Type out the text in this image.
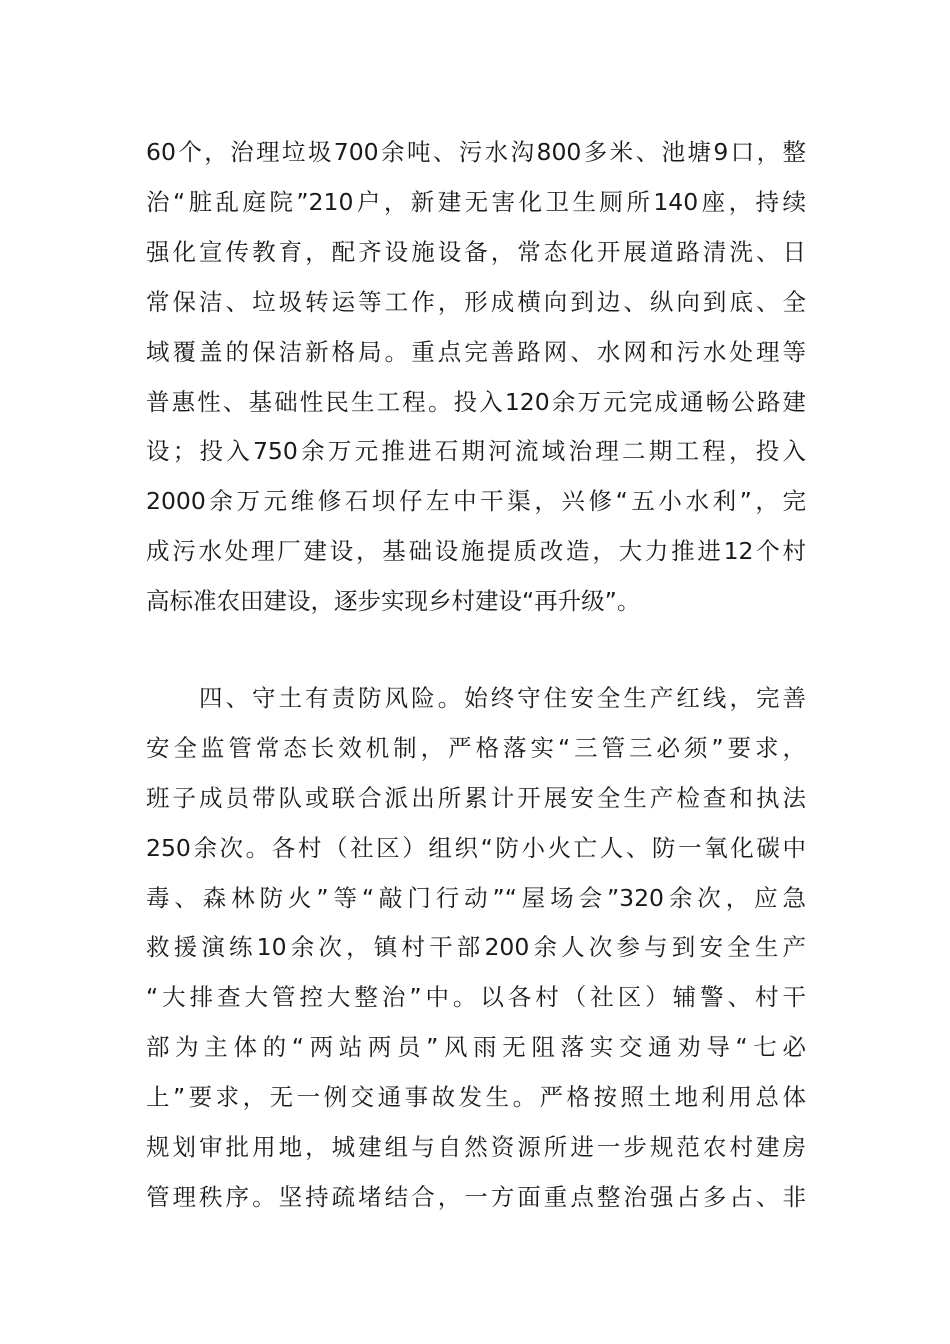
60个，治理垃圾700余吨、污水沟800多米、池塘9口，整
治“脏乱庭院”210户，新建无害化卫生厕所140座，持续
强化宣传教育，配齐设施设备，常态化开展道路清洗、日
常保洁、垃圾转运等工作，形成横向到边、纵向到底、全
域覆盖的保洁新格局。重点完善路网、水网和污水处理等
普惠性、基础性民生工程。投入120余万元完成通畅公路建
设；投入750余万元推进石期河流域治理二期工程，投入
2000余万元维修石坝仔左中干渠，兴修“五小水利”，完
成污水处理厂建设，基础设施提质改造，大力推进12个村
高标准农田建设，逐步实现乡村建设“再升级”。
四、守土有责防风险。始终守住安全生产红线，完善
安全监管常态长效机制，严格落实“三管三必须”要求，
班子成员带队或联合派出所累计开展安全生产检查和执法
250余次。各村（社区）组织“防小火亡人、防一氧化碳中
毒、森林防火”等“敲门行动”“屋场会”320余次，应急
救援演练10余次，镇村干部200余人次参与到安全生产
“大排查大管控大整治”中。以各村（社区）辅警、村干
部为主体的“两站两员”风雨无阻落实交通劝导“七必
上”要求，无一例交通事故发生。严格按照土地利用总体
规划审批用地，城建组与自然资源所进一步规范农村建房
管理秩序。坚持疏堵结合，一方面重点整治强占多占、非
